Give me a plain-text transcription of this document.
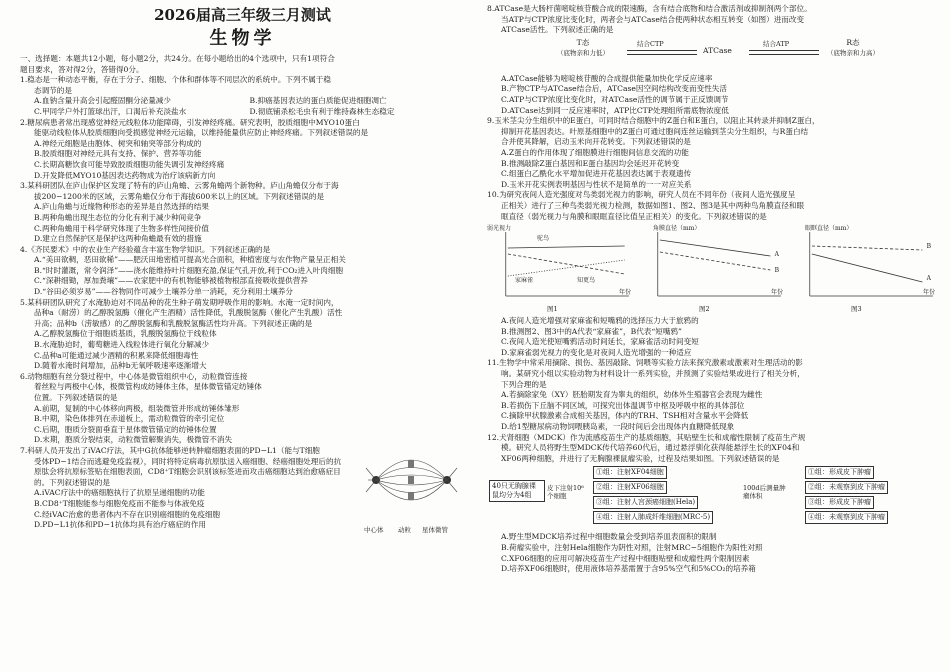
2026届高三年级三月测试
生物学

一、选择题：本题共12小题，每小题2分，共24分。在每小题给出的4个选项中，只有1项符合

题目要求，答对得2分，答错得0分。

1.稳态是一种动态平衡，存在于分子、细胞、个体和群体等不同层次的系统中。下列不属于稳

态调节的是

A.血钠含量升高会引起醛固酮分泌量减少	B.抑癌基因表达的蛋白质能促进细胞凋亡
C.甲同学户外打篮球出汗，口渴后补充淡盐水	D.彻底铺杀松毛虫有利于维持森林生态稳定

2.糖尿病患者常出现感觉神经元线粒体功能障碍，引发神经疼痛。研究表明，胶质细胞中MYO10蛋白

能驱动线粒体从胶质细胞向受损感觉神经元运输，以维持能量供应防止神经疼痛。下列叙述错误的是

A.神经元细胞是由胞体、树突和轴突等部分构成的

B.胶质细胞对神经元具有支持、保护、营养等功能

C.长期高糖饮食可能导致胶质细胞功能失调引发神经疼痛

D.开发降低MYO10基因表达药物成为治疗该病新方向

3.某科研团队在庐山保护区发现了特有的庐山角蟾、云雾角蟾两个新物种。庐山角蟾仅分布于海

拔200−1200米的区域，云雾角蟾仅分布于海拔600米以上的区域。下列叙述错误的是

A.庐山角蟾与近缘物种形态的差异是自然选择的结果

B.两种角蟾出现生态位的分化有利于减少种间竞争

C.两种角蟾用于科学研究体现了生物多样性间接价值

D.建立自然保护区是保护这两种角蟾最有效的措施

4.《齐民要术》中的农业生产经验蕴含丰富生物学知识。下列叙述正确的是

A.“美田欲稠，恶田欲稀”——肥沃田地密植可提高光合面积，种植密度与农作物产量呈正相关

B.“时时灌溉，常令润泽”——浇水能维持叶片细胞充盈,保证气孔开放,利于CO₂进入叶肉细胞

C.“深耕细锄，厚加粪壤”——农家肥中的有机物能够被植物根部直接吸收提供营养

D.“谷田必须岁易”——谷物同作可减少土壤养分单一消耗，充分利用土壤养分

5.某科研团队研究了水淹胁迫对不同品种的花生种子萌发期呼吸作用的影响。水淹一定时间内，

品种a（耐涝）的乙醇脱氢酶（催化产生酒精）活性降低，乳酸脱氢酶（催化产生乳酸）活性

升高；品种b（涝敏感）的乙醇脱氢酶和乳酸脱氢酶活性均升高。下列叙述正确的是

A.乙醇脱氢酶位于细胞质基质，乳酸脱氢酶位于线粒体

B.水淹胁迫时，葡萄糖进入线粒体进行氧化分解减少

C.品种a可能通过减少酒精的积累来降低细胞毒性

D.随着水淹时间增加，品种b无氧呼吸速率逐渐增大

6.动物细胞有丝分裂过程中，中心体是微管组织中心，动粒微管连接

着丝粒与两极中心体，极微管构成纺锤体主体，星体微管锚定纺锤体

位置。下列叙述错误的是

A.前期，复制的中心体移向两极，组装微管并形成纺锤体雏形

B.中期，染色体排列在赤道板上，需动粒微管的牵引定位

C.后期，胞质分裂面垂直于星体微管锚定的纺锤体位置

D.末期，胞质分裂结束，动粒微管解聚消失，极微管不消失

7.科研人员开发出了iVAC疗法，其中G抗体能够逆转肿瘤细胞表面的PD−L1（能与T细胞

受体PD−1结合而逃避免疫监视），同时将特定病毒抗原肽送入癌细胞、经癌细胞处理后的抗

原肽会将抗原标签贴在细胞表面，CD8⁺T细胞会识别该标签进而攻击癌细胞达到治愈癌症目

的。下列叙述错误的是

A.iVAC疗法中的癌细胞执行了抗原呈递细胞的功能

B.CD8⁺T细胞能参与细胞免疫而不能参与体液免疫

C.经iVAC治愈的患者体内不存在识别癌细胞的免疫细胞

D.PD−L1抗体和PD−1抗体均具有治疗癌症的作用

中心体 动粒 星体微管

8.ATCase是大肠杆菌嘧啶核苷酸合成的限速酶，含有结合底物和结合激活剂或抑制剂两个部位。

当ATP与CTP浓度比变化时，两者会与ATCase结合使两种状态相互转变（如图）进而改变

ATCase活性。下列叙述正确的是

T态
（底物亲和力低）
结合CTP
ATCase
结合ATP	R态
（底物亲和力高）

A.ATCase能够为嘧啶核苷酸的合成提供能量加快化学反应速率

B.产物CTP与ATCase结合后，ATCase因空间结构改变而变性失活

C.ATP与CTP浓度比变化时，对ATCase活性的调节属于正反馈调节

D.ATCase达到同一反应速率时，ATP比CTP处理组所需底物浓度低

9.玉米茎尖分生组织中的E蛋白，可同时结合细胞中的Z蛋白和E蛋白，以阻止其转录并抑制Z蛋白，

抑制开花基因表达。叶原基细胞中的Z蛋白可通过胞间连丝运输到茎尖分生组织，与R蛋白结

合并使其降解，启动玉米向开花转变。下列叙述错误的是

A.Z蛋白的作用体现了细胞膜进行细胞间信息交流的功能

B.推测敲除Z蛋白基因和E蛋白基因均会延迟开花转变

C.组蛋白乙酰化水平增加促进开花基因表达属于表观遗传

D.玉米开花实例表明基因与性状不是简单的一一对应关系

10.为研究夜间人造光强度对鸟类弱光视力的影响，研究人员在不同年份（夜间人造光强度呈

正相关）进行了三种鸟类弱光视力检测，数据如图1、图2、图3是其中两种鸟角膜直径和眼

眶直径（弱光视力与角膜和眼眶直径比值呈正相关）的变化。下列叙述错误的是

弱光视力
驼鸟
家麻雀	知更鸟
年份
图1
角膜直径（mm）
A
B
年份
图2
眼眶直径（mm）
A
B
年份
图3

A.夜间人造光增强对家麻雀和短嘴鸦的选择压力大于旅鸦的

B.推测图2、图3中的A代表“家麻雀”，B代表“短嘴鸦”

C.夜间人造光使短嘴鸦活动时间延长，家麻雀活动时间变短

D.家麻雀弱光视力的变化是对夜间人造光增强的一种适应

11.生物学中常采用摘除、损伤、基因敲除、饲喂等实验方法来探究激素或激素对生理活动的影

响。某研究小组以实验动物为材料设计一系列实验，并预测了实验结果或进行了相关分析，

下列合理的是

A.若摘除家兔（XY）胚胎期发育为睾丸的组织，幼体外生殖器官会表现为雌性

B.若损伤下丘脑不同区域，可探究出体温调节中枢及呼吸中枢的具体部位

C.摘除甲状腺激素合成相关基因，体内的TRH、TSH相对含量水平会降低

D.给1型糖尿病动物饲喂胰岛素，一段时间后会出现体内血糖降低现象

12.犬肾细胞（MDCK）作为流感疫苗生产的基质细胞，其贴壁生长和成瘤性限制了疫苗生产规

模。研究人员将野生型MDCK传代培养60代后，通过悬浮驯化获得能悬浮生长的XF04和

XF06两种细胞，并进行了无胸腺裸鼠瘤实验，过程及结果如图。下列叙述错误的是

40只无胸腺裸鼠均分为4组
皮下注射10⁶个细胞
①组：注射XF04细胞
②组：注射XF06细胞
③组：注射人宫颈癌细胞(Hela)
④组：注射人肺成纤维细胞(MRC-5)
100d后测量肿瘤体积
①组：形成皮下肿瘤
②组：未观察到皮下肿瘤
③组：形成皮下肿瘤
④组：未观察到皮下肿瘤

A.野生型MDCK培养过程中细胞数量会受到培养皿表面积的限制

B.荷瘤实验中，注射Hela细胞作为阴性对照，注射MRC−5细胞作为阳性对照

C.XF06细胞的应用可解决疫苗生产过程中细胞贴壁和成瘤性两个限制因素

D.培养XF06细胞时，使用液体培养基需置于含95%空气和5%CO₂的培养箱
